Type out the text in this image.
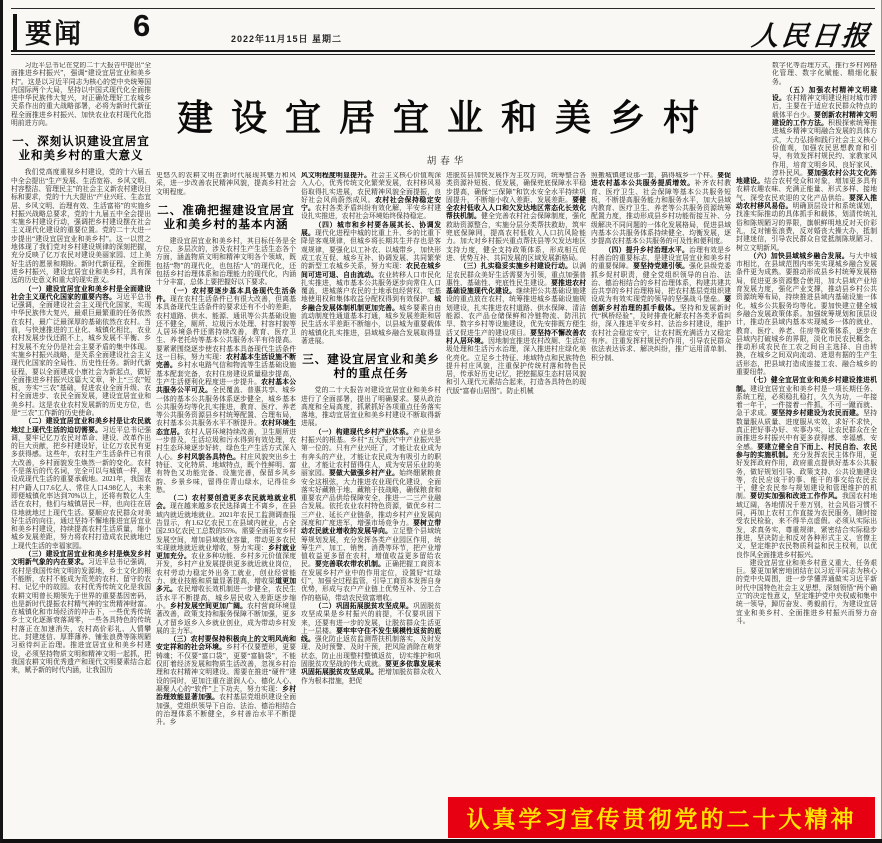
要闻 6	2022年11月15日 星期二	人民日报
建设宜居宜业和美乡村
胡春华

习近平总书记在党的二十大报告中提出“全面推进乡村振兴”，强调“建设宜居宜业和美乡村”。这是以习近平同志为核心的党中央统筹国内国际两个大局，坚持以中国式现代化全面推进中华民族伟大复兴，对正确处理好工农城乡关系作出的重大战略部署，必将为新时代新征程全面推进乡村振兴、加快农业农村现代化指明前进方向。

一、深刻认识建设宜居宜业和美乡村的重大意义

我们党高度重视乡村建设，党的十六届五中全会提出“生产发展、生活宽裕、乡风文明、村容整洁、管理民主”的社会主义新农村建设目标和要求，党的十九大提出“产业兴旺、生态宜居、乡风文明、治理有效、生活富裕”的实施乡村振兴战略总要求，党的十九届五中全会提出实施乡村建设行动，强调把乡村建设摆在社会主义现代化建设的重要位置。党的二十大进一步提出“建设宜居宜业和美乡村”。这一以贯之地体现了我们党对乡村建设规律的深刻把握，充分反映了亿万农民对建设美丽家园、过上美好生活的愿景和期盼。新时代新征程，全面推进乡村振兴，建设宜居宜业和美乡村，具有深远的历史意义和重大的现实意义。

（一）建设宜居宜业和美乡村是全面建设社会主义现代化国家的重要内容。习近平总书记强调，全面建设社会主义现代化国家，实现中华民族伟大复兴，最艰巨最繁重的任务依然在农村，最广泛最深厚的基础依然在农村。当前，与快速推进的工业化、城镇化相比，农业农村发展步伐还跟不上，城乡发展不平衡、乡村发展不充分仍是社会主要矛盾的集中体现。实施乡村振兴战略，是关系全面建设社会主义现代化国家的全局性、历史性任务。新时代新征程，要以全面建成小康社会为新起点，做好全面推进乡村振兴这篇大文章，补上“三农”短板，夯实“三农”基础，促进农业全面升级、农村全面进步、农民全面发展，建设宜居宜业和美乡村。这是农业农村发展新的历史方位，也是“三农”工作新的历史使命。

（二）建设宜居宜业和美乡村是让农民就地过上现代生活的迫切需要。习近平总书记强调，要牢记亿万农民对革命、建设、改革作出的巨大贡献，把乡村建设好，让亿万农民有更多获得感。这些年，农村生产生活条件已有很大改善，乡村面貌发生焕然一新的变化。农村不是落后的代名词，完全可以与城镇一样，建设成现代生活的重要承载地。2021年，我国农村户籍人口7.6亿人、常住人口4.98亿人，未来即便城镇化率达到70%以上，还将有数亿人生活在农村，他们与城镇居民一样，也向往在居住地就地过上现代生活。要顺应农民群众对美好生活的向往，通过坚持不懈地推进宜居宜业和美乡村建设，持续提高农村生活质量，缩小城乡发展差距，努力将农村打造成农民就地过上现代生活的幸福家园。

（三）建设宜居宜业和美乡村是焕发乡村文明新气象的内在要求。习近平总书记强调，农村是我国传统文明的发源地，乡土文化的根不能断，农村不能成为荒芜的农村、留守的农村、记忆中的故园。农村优秀传统文化是我国农耕文明曾长期领先于世界的重要基因密码，也是新时代提振农村精气神的宝贵精神财富。在城镇化和市场经济的冲击下，一些优秀传统乡土文化逐渐衰落凋零，一些各具特色的传统村落正在加速消失，农村高价彩礼、人情攀比、封建迷信、厚葬薄养、铺张浪费等陈规陋习亟待纠正治理。推进宜居宜业和美乡村建设，必须坚持物质文明和精神文明一起抓，把我国农耕文明优秀遗产和现代文明要素结合起来，赋予新的时代内涵，让我国历

史悠久的农耕文明在新时代展现其魅力和风采，进一步改善农民精神风貌，提高乡村社会文明程度。

二、准确把握建设宜居宜业和美乡村的基本内涵

建设宜居宜业和美乡村，其目标任务是全方位、多层次的，涉及农村生产生活生态各个方面，涵盖物质文明和精神文明各个领域，既包括“物”的现代化，也包括“人”的现代化，还包括乡村治理体系和治理能力的现代化，内涵十分丰富，总体上要把握好以下要求。

（一）农村要逐步基本具备现代生活条件。现在农村生活条件已有很大改善，但离基本具备现代生活条件的要求还有不小的差距，农村道路、供水、能源、通讯等公共基础设施还不健全，厕所、垃圾污水处理、村容村貌等人居环境条件还需持续改善，教育、医疗卫生、养老托幼等基本公共服务水平有待提高。要紧紧围绕逐步使农村基本具备现代生活条件这一目标，努力实现：农村基本生活设施不断完善。乡村水电路气信和物流等生活基础设施基本配套完备，农村住房建设质量稳步提高，生产生活便利化程度进一步提升。农村基本公共服务公平可及。全民覆盖、普惠共享、城乡一体的基本公共服务体系逐步健全，城乡基本公共服务均等化扎实推进，教育、医疗、养老等公共服务资源县乡村统筹配置、合理布局，农村基本公共服务水平不断提升。农村环境生态宜居。农村人居环境持续改善，卫生厕所进一步普及，生活垃圾和污水得到有效处理，农村生态环境逐步好转，绿色生产生活方式深入人心。乡村风貌各具特色。村庄风貌突出乡土特征、文化特质、地域特点，既个性鲜明、富有特色又功能完备、设施完善，保留乡风乡韵、乡景乡味，留得住青山绿水，记得住乡愁。

（二）农村要创造更多农民就地就业机会。现在越来越多农民选择离土不离乡，在县域内就近就地就业。2021年农民工监测调查报告显示，有1.62亿农民工在县域内就业，占全国2.93亿农民工总数的55%。需要全面拓宽乡村发展空间，增加县域就业容量，带动更多农民实现就地就近就业增收，努力实现：乡村就业更加充分。农业多种功能、乡村多元价值深度开发，乡村产业发展提供更多就近就业岗位，农村劳动力稳定外出务工就业，创业经营能力、就业技能和质量显著提高，增收渠道更加多元。农民增收长效机制进一步健全，农民生活水平不断提高，城乡居民收入差距逐步缩小。乡村发展空间更加广阔。农村营商环境显著改善，政策支持和服务保障不断加强，更多人才留乡返乡入乡就业创业，成为带动乡村发展的主力军。

（三）农村要保持积极向上的文明风尚和安定祥和的社会环境。乡村不仅要塑形，更要铸魂；不仅要“富口袋”，更要“富脑袋”，不能仅盯着经济发展和物质生活改善，忽视乡村治理和农村精神文明建设。需要在推进“硬件”建设的同时，更加注重在滋润人心、德化人心、凝聚人心的“软件”上下功夫，努力实现：乡村治理效能显著加强。农村基层党组织建设全面加强，党组织领导下自治、法治、德治相结合的治理体系不断健全，乡村善治水平不断提升。乡

风文明程度明显提升。社会主义核心价值观深入人心，优秀传统文化繁荣发展，农村移风易俗取得扎实进展，农民精神风貌全面提振，良好社会风尚蔚然成风。农村社会保持稳定安宁。农村各类矛盾纠纷有效化解，平安乡村建设扎实推进，农村社会环境始终保持稳定。

（四）城市和乡村要各展其长、协调发展。现代化进程中城的比重上升、乡的比重下降是客观规律，但城乡将长期共生并存也是客观规律，要强化以工补农、以城带乡，加快形成工农互促、城乡互补、协调发展、共同繁荣的新型工农城乡关系，努力实现：农民在城乡间可进可退、自由流动。农业转移人口市民化扎实推进，城市基本公共服务逐步向常住人口覆盖，进城落户农民的土地承包经营权、宅基地使用权和集体收益分配权得到有效保护。城乡融合发展体制机制更加完善。城乡要素自由流动制度性通道基本打通，城乡发展差距和居民生活水平差距不断缩小，以县城为重要载体的城镇化扎实推进，县域城乡融合发展取得显著进展。

三、建设宜居宜业和美乡村的重点任务

党的二十大报告对建设宜居宜业和美乡村进行了全面部署，提出了明确要求。要从政治高度和全局高度，抓紧抓好各项重点任务落实落地，推动宜居宜业和美乡村建设不断取得新进展。

（一）构建现代乡村产业体系。产业是乡村振兴的根基。乡村“五大振兴”中产业振兴是第一位的。只有产业兴旺了，才能让农业成为有奔头的产业，才能让农民成为有吸引力的职业，才能让农村留得住人，成为安居乐业的美丽家园。要做大做强乡村产业。始终绷紧粮食安全这根弦，大力推进农业现代化建设，全面落实好藏粮于地、藏粮于技战略，确保粮食和重要农产品供给保障安全，推进一二三产业融合发展。依托农业农村特色资源，做优乡村二三产业、延长产业链条，推动乡村产业发展向深度和广度进军，增强市场竞争力。要树立带动农民就业增收的发展导向。立足整个县域统筹规划发展，充分发挥各类产业园区作用，统筹生产、加工、销售、消费等环节，把产业增值收益更多留在农村，增值收益更多留给农民。要完善联农带农机制。正确把握工商资本在发展乡村产业中的作用定位，设置好“红绿灯”，加强全过程监管，引导工商资本发挥自身优势，形成与农户产业链上优势互补、分工合作的格局，带动农民致富增收。

（二）巩固拓展脱贫攻坚成果。巩固脱贫攻坚成果是乡村振兴的前提，不仅要巩固下来，还要有进一步的发展，让脱贫群众生活更上一层楼。要牢牢守住不发生规模性返贫的底线。强化防止返贫监测帮扶机制落实，及时发现、及时预警、及时干预，把风险消除在萌芽状态，防止出现整村整镇返贫，切实维护和巩固脱贫攻坚战的伟大成就。要更多依靠发展来巩固拓展脱贫攻坚成果。把增加脱贫群众收入作为根本措施，把促

进脱贫县加快发展作为主攻方向，统筹整合各类资源补短板、促发展，确保兜底保障水平稳步提高，确保“三保障”和饮水安全水平持续巩固提升，不断缩小收入差距、发展差距。要健全农村低收入人口和欠发达地区常态化长效化帮扶机制。健全完善农村社会保障制度，强化救助资源整合，实施分层分类帮扶救助，筑牢兜底保障网，提高农村低收入人口抗风险能力。加大对乡村振兴重点帮扶县等欠发达地区支持力度，健全支持政策体系，形成相互促进、优势互补、共同发展的区域发展新格局。

（三）扎实稳妥实施乡村建设行动。以满足农民群众美好生活需要为引领，重点加强普惠性、基础性、兜底性民生建设。要推进农村基础设施现代化建设。继续把公共基础设施建设的重点放在农村，统筹推进城乡基础设施规划建设，扎实推进农村道路、供水保障、清洁能源、农产品仓储保鲜和冷链物流、防汛抗旱、数字乡村等设施建设，优先安排既方便生活又促进生产的建设项目。要坚持不懈改善农村人居环境。因地制宜推进农村改厕、生活垃圾处理和生活污水治理，深入推进村庄绿化美化亮化。立足乡土特征、地域特点和民族特色提升村庄风貌，注重保护传统村落和特色民居，传承好历史记忆，把挖掘原生态村居风貌和引入现代元素结合起来，打造各具特色的现代版“富春山居图”。防止机械

照搬城镇建设那一套，搞得城乡一个样。要促进农村基本公共服务提质增效。补齐农村教育、医疗卫生、社会保障等基本公共服务短板，不断提高服务能力和服务水平，加大县域内教育、医疗卫生、养老等公共服务资源统筹配置力度，推动形成县乡村功能衔接互补、分级解决不同问题的一体化发展格局，促进县域内基本公共服务体系持续健全、均衡发展，逐步提高农村基本公共服务的可及性和便利度。

（四）提升乡村治理水平。治理有效是乡村善治的重要标志，是建设宜居宜业和美乡村的重要保障。要坚持党建引领。强化县级党委抓乡促村职责，健全党组织领导的自治、法治、德治相结合的乡村治理体系，构建共建共治共享的乡村治理格局，把农村基层党组织建设成为有效实现党的领导的坚强战斗堡垒。要创新乡村治理的抓手载体。坚持和发展新时代“枫桥经验”，及时排查化解农村各类矛盾纠纷，深入推进平安乡村、法治乡村建设，维护农村社会稳定安宁，让农村既充满活力又稳定有序。注重发挥村规民约作用，引导农民群众依法表达诉求、解决纠纷，推广运用清单制、积分制、

数字化等治理方式，推行乡村网格化管理、数字化赋能、精细化服务。

（五）加强农村精神文明建设。农村精神文明建设相对城市滞后，主要在于适应农民群众特点的载体平台少。要创新农村精神文明建设的工作方法。积极探索统筹推进城乡精神文明融合发展的具体方式，大力弘扬和践行社会主义核心价值观，加强农民思想教育和引导，有效发挥村规民约、家教家风作用，培育文明乡风、良好家风、淳朴民风。要加强农村公共文化阵地建设。结合农村受众和对象，增加更多具有农耕农趣农味、充满正能量、形式多样、接地气、深受农民欢迎的文化产品供给。要深入推动农村移风易俗。明确顶层设计和系统谋划，找准实际推动的具体抓手和载体，划清传统礼俗和陈规陋习的界限，旗帜鲜明地反对天价彩礼，反对铺张浪费，反对婚丧大操大办，抵制封建迷信，引导农民群众自觉抵制陈规陋习、树立文明新风。

（六）加快县域城乡融合发展。与大中城市相比，在县域范围内率先实现城乡融合发展条件更为成熟。要推动形成县乡村统筹发展格局，促进更多资源整合使用，加大县域产业培育发展力度，强化产业支撑，推动县乡村公共资源统筹布局，持续推进县域内基础设施一体化，城乡公共服务均等化。要加快建立健全城乡融合发展政策体系。加强统筹规划和顶层设计，推动在县域内基本实现城乡一体的就业、教育、医疗、养老、住房等政策体系，逐步在县域内打破城乡的界限，淡化市民农民概念，推动形成农民在工农之间自主选择、自由转换，在城乡之间双向流动、进退有据的生产生活形态，把县域打造成连接工农、融合城乡的重要纽带。

（七）健全宜居宜业和美乡村建设推进机制。建设宜居宜业和美乡村是一项长期任务、系统工程，必须稳扎稳打，久久为功，一年接着一年干，一件接着一件抓，不可一蹴而就、急于求成。要坚持乡村建设为农民而建。坚持数量服从质量、进度服从实效，求好不求快，真正把好事办好、实事办实，让农民群众在全面推进乡村振兴中有更多获得感、幸福感、安全感。要建立健全自下而上、村民自治、农民参与的实施机制。充分发挥农民主体作用，更好发挥政府作用，政府重点提供好基本公共服务，做好规划引导、政策支持、公共设施建设等，农民应该干的事、能干的事交给农民去干，健全农民参与规划建设和管理维护的机制。要切实加强和改进工作作风。我国农村地域辽阔，各地情况千差万别，社会风俗习惯不同，再加上农村工作直接为农民服务，随时接受农民检验，来不得半点虚假。必须从实际出发，求真务实，尊重规律，紧密结合实际稳步推进，坚决防止和反对各种形式主义、官僚主义，坚定维护农民物质利益和民主权利，以优良作风全面推进乡村振兴。

建设宜居宜业和美乡村意义重大、任务艰巨。要更加紧密地团结在以习近平同志为核心的党中央周围，进一步学懂弄通做实习近平新时代中国特色社会主义思想，深刻领悟“两个确立”的决定性意义，坚定维护党中央权威和集中统一领导，踔厉奋发、勇毅前行，为建设宜居宜业和美乡村、全面推进乡村振兴而努力奋斗。

认真学习宣传贯彻党的二十大精神
